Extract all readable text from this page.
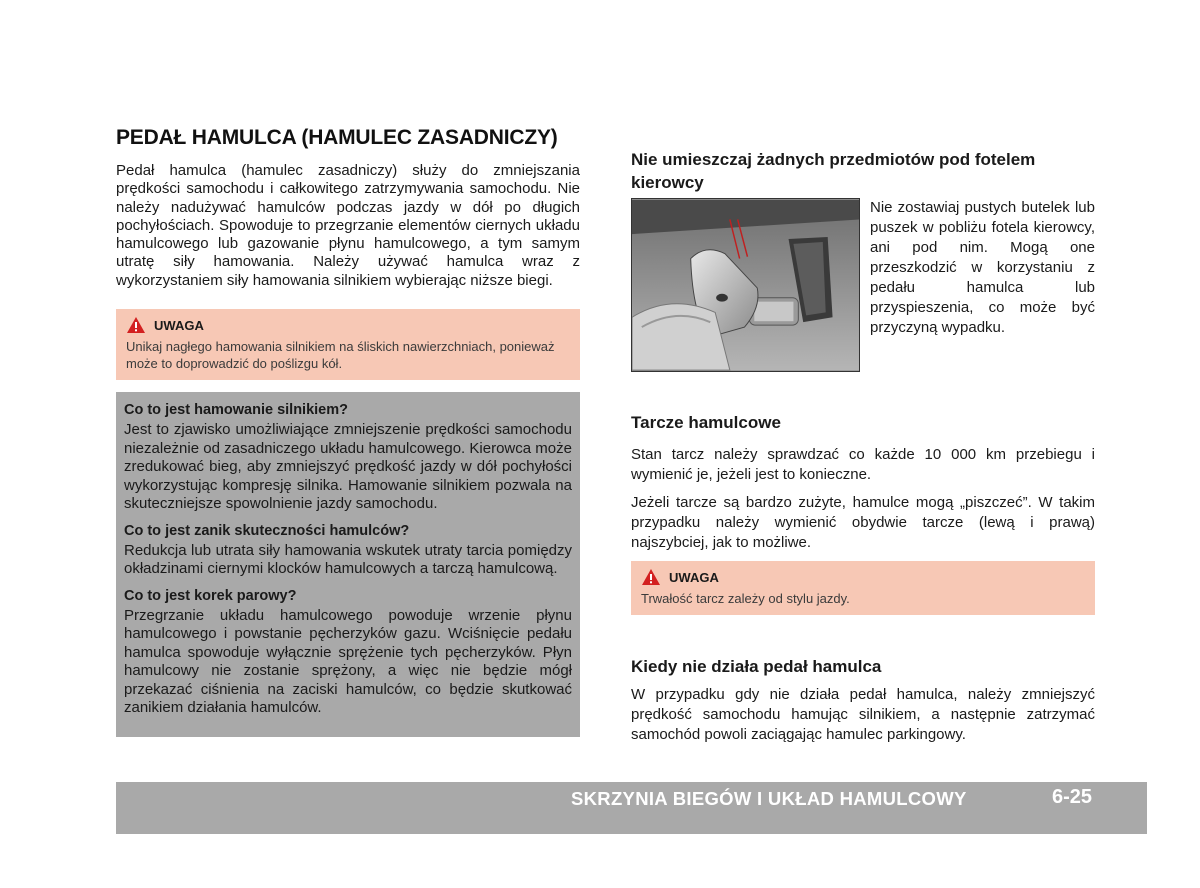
PEDAŁ HAMULCA (HAMULEC ZASADNICZY)

Pedał hamulca (hamulec zasadniczy) służy do zmniejszania prędkości samochodu i całkowitego zatrzymywania samochodu. Nie należy nadużywać hamulców podczas jazdy w dół po długich pochyłościach. Spowoduje to przegrzanie elementów ciernych układu hamulcowego lub gazowanie płynu hamulcowego, a tym samym utratę siły hamowania. Należy używać hamulca wraz z wykorzystaniem siły hamowania silnikiem wybierając niższe biegi.

UWAGA

Unikaj nagłego hamowania silnikiem na śliskich nawierzchniach, ponieważ może to doprowadzić do poślizgu kół.

Co to jest hamowanie silnikiem?

Jest to zjawisko umożliwiające zmniejszenie prędkości samochodu niezależnie od zasadniczego układu hamulcowego. Kierowca może zredukować bieg, aby zmniejszyć prędkość jazdy w dół pochyłości wykorzystując kompresję silnika. Hamowanie silnikiem pozwala na skuteczniejsze spowolnienie jazdy samochodu.

Co to jest zanik skuteczności hamulców?

Redukcja lub utrata siły hamowania wskutek utraty tarcia pomiędzy okładzinami ciernymi klocków hamulcowych a tarczą hamulcową.

Co to jest korek parowy?

Przegrzanie układu hamulcowego powoduje wrzenie płynu hamulcowego i powstanie pęcherzyków gazu. Wciśnięcie pedału hamulca spowoduje wyłącznie sprężenie tych pęcherzyków. Płyn hamulcowy nie zostanie sprężony, a więc nie będzie mógł przekazać ciśnienia na zaciski hamulców, co będzie skutkować zanikiem działania hamulców.

Nie umieszczaj żadnych przedmiotów pod fotelem kierowcy

Nie zostawiaj pustych butelek lub puszek w pobliżu fotela kierowcy, ani pod nim. Mogą one przeszkodzić w korzystaniu z pedału hamulca lub przyspieszenia, co może być przyczyną wypadku.

Tarcze hamulcowe

Stan tarcz należy sprawdzać co każde 10 000 km przebiegu i wymienić je, jeżeli jest to konieczne.

Jeżeli tarcze są bardzo zużyte, hamulce mogą „piszczeć”. W takim przypadku należy wymienić obydwie tarcze (lewą i prawą) najszybciej, jak to możliwe.

UWAGA

Trwałość tarcz zależy od stylu jazdy.

Kiedy nie działa pedał hamulca

W przypadku gdy nie działa pedał hamulca, należy zmniejszyć prędkość samochodu hamując silnikiem, a następnie zatrzymać samochód powoli zaciągając hamulec parkingowy.

SKRZYNIA BIEGÓW I UKŁAD HAMULCOWY	6-25
